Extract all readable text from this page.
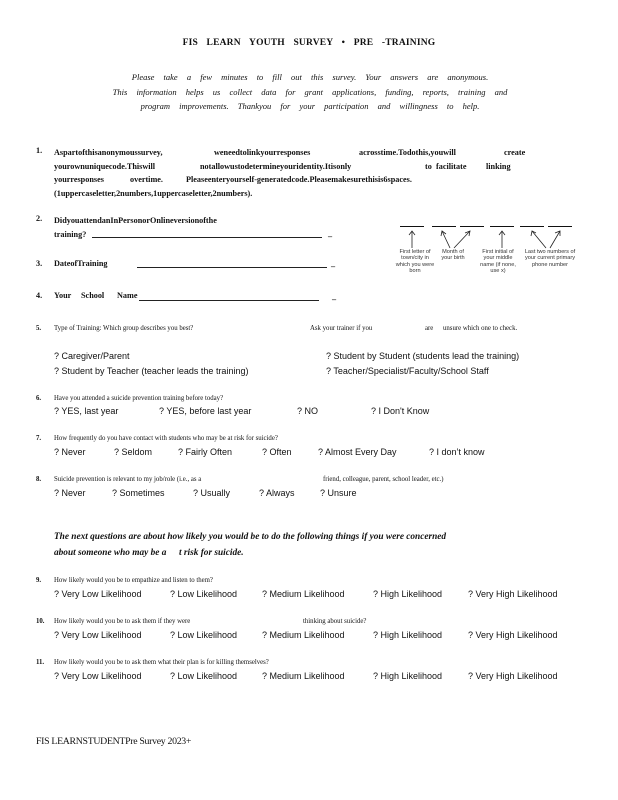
FIS LEARN YOUTH SURVEY • PRE -TRAINING
Please take a few minutes to fill out this survey. Your answers are anonymous.
This information helps us collect data for grant applications, funding, reports, training and
program improvements. Thankyou for your participation and willingness to help.
1. Aspartofthisanonymoussurvey,	weneedtolinkyourresponses	acrosstime.Todothis,youwill	create
yourownuniquecode.Thiswill	notallowustodetermineyouridentity.Itisonly	to facilitate linking
yourresponses	overtime.	Pleaseenteryourself-generatedcode.Pleasemakesurethisis6spaces.
(1uppercaseletter,2numbers,1uppercaseletter,2numbers).
2. DidyouattendanInPersonorOnlineversionofthe
training?	_
First letter of town/city in which you were born
Month of your birth
First initial of your middle name (if none, use x)
Last two numbers of your current primary phone number
3. DateofTraining	_
4. Your School Name	_
5. Type of Training: Which group describes you best?	Ask your trainer if you	are unsure which one to check.
? Caregiver/Parent	? Student by Student (students lead the training)
? Student by Teacher (teacher leads the training)	? Teacher/Specialist/Faculty/School Staff
6. Have you attended a suicide prevention training before today?
? YES, last year	? YES, before last year	? NO	? I Don't Know
7. How frequently do you have contact with students who may be at risk for suicide?
? Never	? Seldom	? Fairly Often	? Often	? Almost Every Day	? I don’t know
8. Suicide prevention is relevant to my job/role (i.e., as a	friend, colleague, parent, school leader, etc.)
? Never	? Sometimes	? Usually	? Always	? Unsure
The next questions are about how likely you would be to do the following things if you were concerned
about someone who may be a t risk for suicide.
9. How likely would you be to empathize and listen to them?
? Very Low Likelihood	? Low Likelihood	? Medium Likelihood	? High Likelihood	? Very High Likelihood
10. How likely would you be to ask them if they were	thinking about suicide?
? Very Low Likelihood	? Low Likelihood	? Medium Likelihood	? High Likelihood	? Very High Likelihood
11. How likely would you be to ask them what their plan is for killing themselves?
? Very Low Likelihood	? Low Likelihood	? Medium Likelihood	? High Likelihood	? Very High Likelihood
FIS LEARNSTUDENTPre Survey 2023+
